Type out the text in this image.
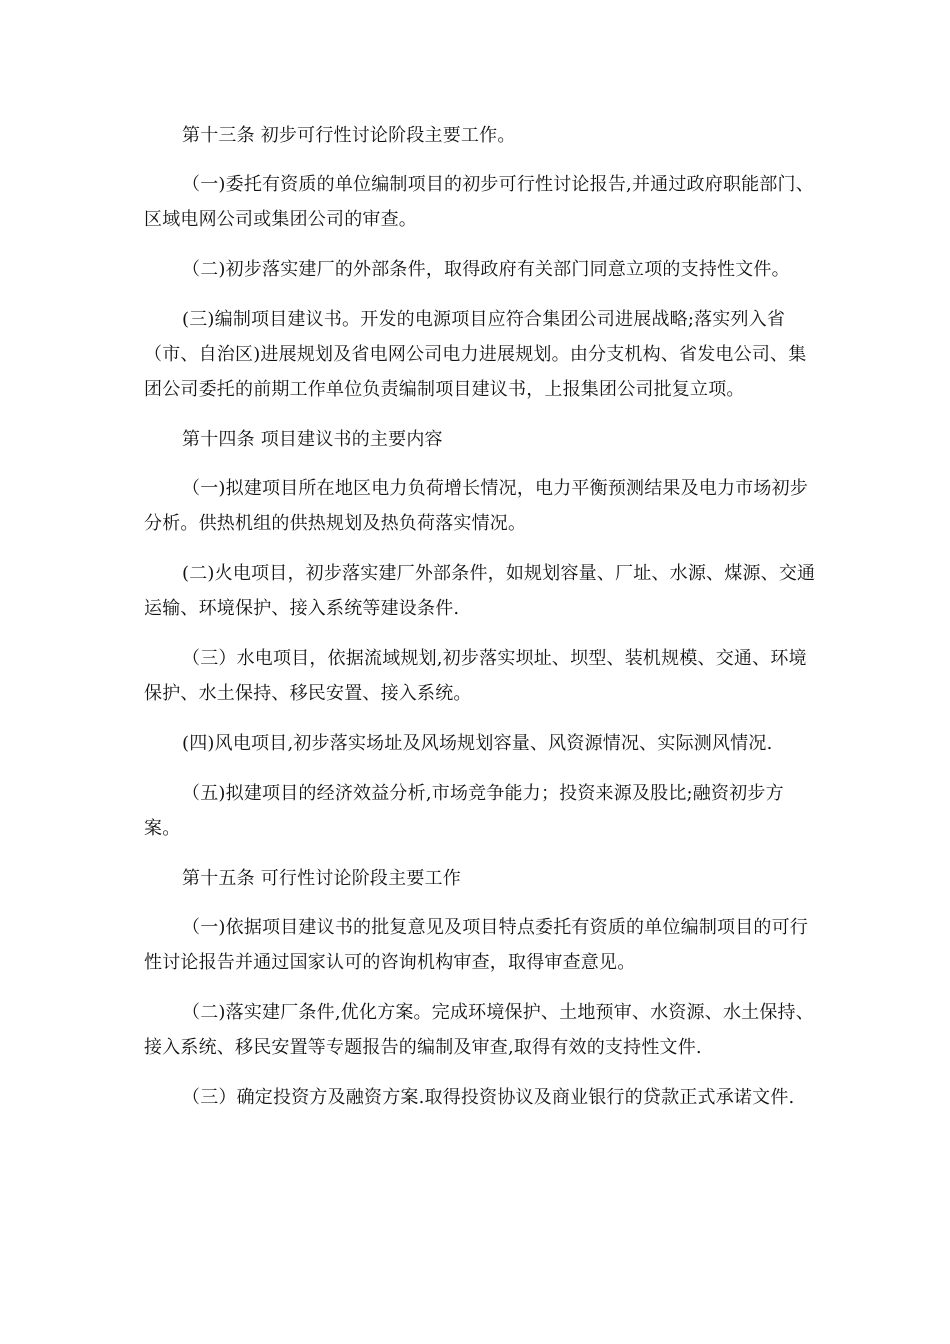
第十三条 初步可行性讨论阶段主要工作。

（一)委托有资质的单位编制项目的初步可行性讨论报告,并通过政府职能部门、区域电网公司或集团公司的审查。

（二)初步落实建厂的外部条件，取得政府有关部门同意立项的支持性文件。

(三)编制项目建议书。开发的电源项目应符合集团公司进展战略;落实列入省（市、自治区)进展规划及省电网公司电力进展规划。由分支机构、省发电公司、集团公司委托的前期工作单位负责编制项目建议书，上报集团公司批复立项。

第十四条 项目建议书的主要内容

（一)拟建项目所在地区电力负荷增长情况，电力平衡预测结果及电力市场初步分析。供热机组的供热规划及热负荷落实情况。

(二)火电项目，初步落实建厂外部条件，如规划容量、厂址、水源、煤源、交通运输、环境保护、接入系统等建设条件.

（三）水电项目，依据流域规划,初步落实坝址、坝型、装机规模、交通、环境保护、水土保持、移民安置、接入系统。

(四)风电项目,初步落实场址及风场规划容量、风资源情况、实际测风情况.

（五)拟建项目的经济效益分析,市场竞争能力；投资来源及股比;融资初步方案。

第十五条 可行性讨论阶段主要工作

（一)依据项目建议书的批复意见及项目特点委托有资质的单位编制项目的可行性讨论报告并通过国家认可的咨询机构审查，取得审查意见。

（二)落实建厂条件,优化方案。完成环境保护、土地预审、水资源、水土保持、接入系统、移民安置等专题报告的编制及审查,取得有效的支持性文件.

（三）确定投资方及融资方案.取得投资协议及商业银行的贷款正式承诺文件.
